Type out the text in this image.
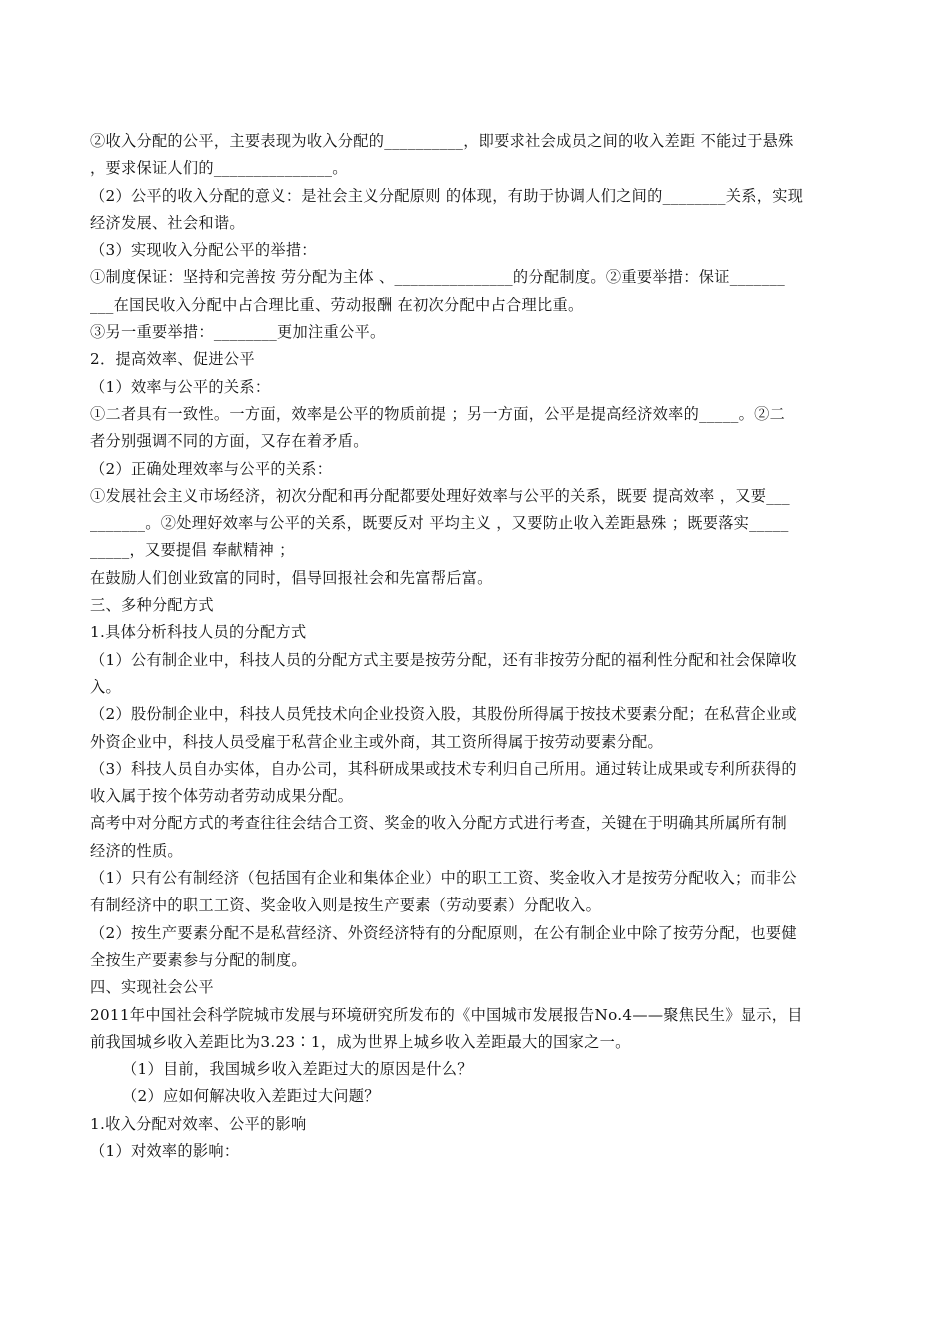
②收入分配的公平，主要表现为收入分配的__________，即要求社会成员之间的收入差距 不能过于悬殊
，要求保证人们的_______________。
（2）公平的收入分配的意义：是社会主义分配原则 的体现，有助于协调人们之间的________关系，实现
经济发展、社会和谐。
（3）实现收入分配公平的举措：
①制度保证：坚持和完善按 劳分配为主体 、_______________的分配制度。②重要举措：保证_______
___在国民收入分配中占合理比重、劳动报酬 在初次分配中占合理比重。
③另一重要举措：________更加注重公平。
2．提高效率、促进公平
（1）效率与公平的关系：
①二者具有一致性。一方面，效率是公平的物质前提 ；另一方面，公平是提高经济效率的_____。②二
者分别强调不同的方面，又存在着矛盾。
（2）正确处理效率与公平的关系：
①发展社会主义市场经济，初次分配和再分配都要处理好效率与公平的关系，既要 提高效率 ，又要___
_______。②处理好效率与公平的关系，既要反对 平均主义 ，又要防止收入差距悬殊 ；既要落实_____
_____，又要提倡 奉献精神 ；
在鼓励人们创业致富的同时，倡导回报社会和先富帮后富。
三、多种分配方式
1.具体分析科技人员的分配方式
（1）公有制企业中，科技人员的分配方式主要是按劳分配，还有非按劳分配的福利性分配和社会保障收
入。
（2）股份制企业中，科技人员凭技术向企业投资入股，其股份所得属于按技术要素分配；在私营企业或
外资企业中，科技人员受雇于私营企业主或外商，其工资所得属于按劳动要素分配。
（3）科技人员自办实体，自办公司，其科研成果或技术专利归自己所用。通过转让成果或专利所获得的
收入属于按个体劳动者劳动成果分配。
高考中对分配方式的考查往往会结合工资、奖金的收入分配方式进行考查，关键在于明确其所属所有制
经济的性质。
（1）只有公有制经济（包括国有企业和集体企业）中的职工工资、奖金收入才是按劳分配收入；而非公
有制经济中的职工工资、奖金收入则是按生产要素（劳动要素）分配收入。
（2）按生产要素分配不是私营经济、外资经济特有的分配原则，在公有制企业中除了按劳分配，也要健
全按生产要素参与分配的制度。
四、实现社会公平
2011年中国社会科学院城市发展与环境研究所发布的《中国城市发展报告No.4——聚焦民生》显示，目
前我国城乡收入差距比为3.23∶1，成为世界上城乡收入差距最大的国家之一。
（1）目前，我国城乡收入差距过大的原因是什么？
（2）应如何解决收入差距过大问题？
1.收入分配对效率、公平的影响
（1）对效率的影响：
